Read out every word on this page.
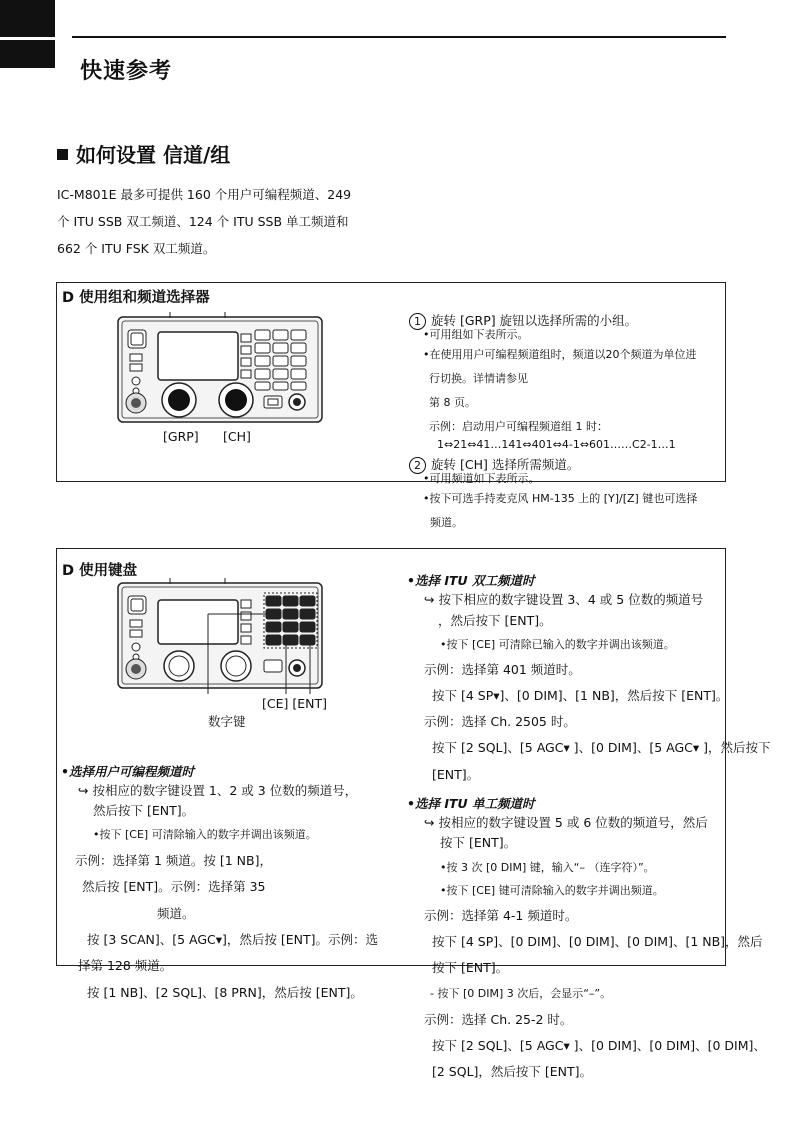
快速参考
如何设置 信道/组
IC-M801E 最多可提供 160 个用户可编程频道、249
个 ITU SSB 双工频道、124 个 ITU SSB 单工频道和
662 个 ITU FSK 双工频道。
D 使用组和频道选择器
[GRP] [CH]
1 旋转 [GRP] 旋钮以选择所需的小组。
•可用组如下表所示。
•在使用用户可编程频道组时，频道以20个频道为单位进
行切换。详情请参见
第 8 页。
示例：启动用户可编程频道组 1 时：
1⇔21⇔41…141⇔401⇔4-1⇔601……C2-1…1
2 旋转 [CH] 选择所需频道。
•可用频道如下表所示。
•按下可选手持麦克风 HM-135 上的 [Y]/[Z] 键也可选择
频道。
D 使用键盘
[CE] [ENT]
数字键
•选择用户可编程频道时
↪ 按相应的数字键设置 1、2 或 3 位数的频道号，
然后按下 [ENT]。
•按下 [CE] 可清除输入的数字并调出该频道。
示例：选择第 1 频道。按 [1 NB]，
然后按 [ENT]。示例：选择第 35
频道。
按 [3 SCAN]、[5 AGC▾]，然后按 [ENT]。示例：选
择第 128 频道。
按 [1 NB]、[2 SQL]、[8 PRN]，然后按 [ENT]。
•选择 ITU 双工频道时
↪ 按下相应的数字键设置 3、4 或 5 位数的频道号
，然后按下 [ENT]。
•按下 [CE] 可清除已输入的数字并调出该频道。
示例：选择第 401 频道时。
按下 [4 SP▾]、[0 DIM]、[1 NB]，然后按下 [ENT]。
示例：选择 Ch. 2505 时。
按下 [2 SQL]、[5 AGC▾ ]、[0 DIM]、[5 AGC▾ ]，然后按下
[ENT]。
•选择 ITU 单工频道时
↪ 按相应的数字键设置 5 或 6 位数的频道号，然后
按下 [ENT]。
•按 3 次 [0 DIM] 键，输入“– （连字符）”。
•按下 [CE] 键可清除输入的数字并调出频道。
示例：选择第 4-1 频道时。
按下 [4 SP]、[0 DIM]、[0 DIM]、[0 DIM]、[1 NB]，然后
按下 [ENT]。
- 按下 [0 DIM] 3 次后，会显示“–”。
示例：选择 Ch. 25-2 时。
按下 [2 SQL]、[5 AGC▾ ]、[0 DIM]、[0 DIM]、[0 DIM]、
[2 SQL]，然后按下 [ENT]。
